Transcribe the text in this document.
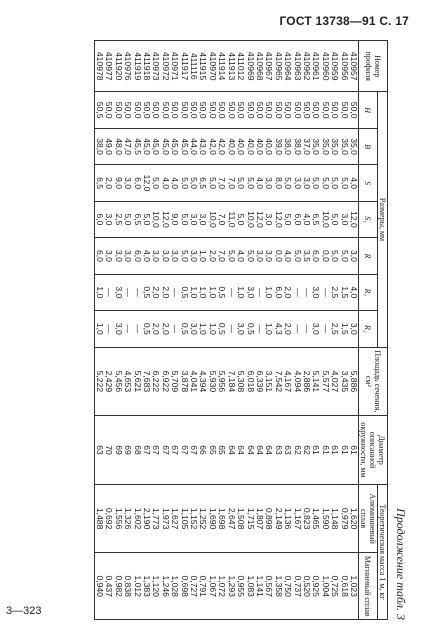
ГОСТ 13738—91 С. 17
3—323	Продолжение табл. 3
Номер профиля	Размеры, мм							Площадь сечения, см²	Диаметр описанной окружности, мм	Теоретическая масса 1 м, кг	
	H	B	S	S₁	R	R₁	R₂			Алюминиевый сплав	Магниевый сплав
410957	50,0	35,0	4,0	12,0	3,0	4,0	3,0	5,886	61	1,620	1,023
410956	50,0	35,0	5,0	3,0	5,0	1,5	1,5	3,435	61	0,979	0,618
410959	50,0	35,0	5,0	5,0	5,0	2,5	2,5	4,027	61	1,148	0,725
410960	50,0	35,0	5,0	10,0	0,0	—	—	5,577	61	1,590	1,004
410961	50,0	35,0	5,0	6,5	6,0	3,0	3,0	5,141	61	1,465	0,925
410962	50,0	37,0	3,0	4,0	3,5	—	—	2,886	62	0,823	0,520
410963	50,0	38,0	3,0	6,0	5,0	—	—	4,094	62	1,167	0,737
410964	50,0	38,0	5,0	5,0	4,0	2,0	2,0	4,167	63	1,136	0,750
410965	50,0	39,0	8,0	12,0	0,0	6,0	4,3	7,542	63	2,149	1,358
410967	50,0	40,0	3,0	3,0	3,0	1,0	1,0	3,151	64	0,898	0,567
410968	50,0	40,0	4,0	12,0	3,0	—	—	6,339	64	1,807	1,141
410969	50,0	40,0	5,0	10,0	5,0	3,0	0,5	6,018	64	1,715	1,083
411012	50,0	40,0	5,0	5,0	4,0	1,0	3,0	5,308	64	1,508	0,955
411913	50,0	40,0	7,0	11,0	5,0	—	—	7,184	64	2,647	1,293
411914	50,0	42,0	7,0	7,0	7,0	0,5	0,5	5,956	65	1,698	1,072
410970	50,0	42,0	5,0	10,0	2,0	1,0	1,0	5,930	65	1,690	1,067
411915	50,0	43,0	6,5	3,0	1,0	1,0	1,0	4,394	66	1,252	0,791
411116	50,0	44,0	5,0	3,0	3,0	1,0	3,0	4,041	67	1,152	0,727
411917	50,0	45,0	5,0	5,0	5,0	0,5	0,5	3,878	67	1,105	0,698
410971	50,0	45,0	4,0	9,0	3,0	—	—	5,709	67	1,627	1,028
410972	50,0	45,0	4,0	12,0	3,0	2,0	2,0	6,922	67	1,973	1,246
410973	50,0	45,0	5,0	10,0	3,0	2,0	2,0	6,222	67	1,773	1,120
411918	50,0	45,0	12,0	5,0	4,0	0,5	0,5	7,683	67	2,190	1,383
411919	50,0	45,5	6,0	6,5	6,0	—	—	5,621	68	1,602	1,012
410976	50,0	47,0	3,0	5,0	3,0	—	—	4,653	69	1,326	0,838
411920	50,0	48,0	9,0	2,5	3,0	3,0	3,0	5,456	69	1,556	0,982
410977	50,0	49,0	2,0	3,0	3,0	—	—	2,429	70	0,692	0,437
410978	50,5	38,0	6,5	6,0	6,0	1,0	1,0	5,222	63	1,488	0,940
